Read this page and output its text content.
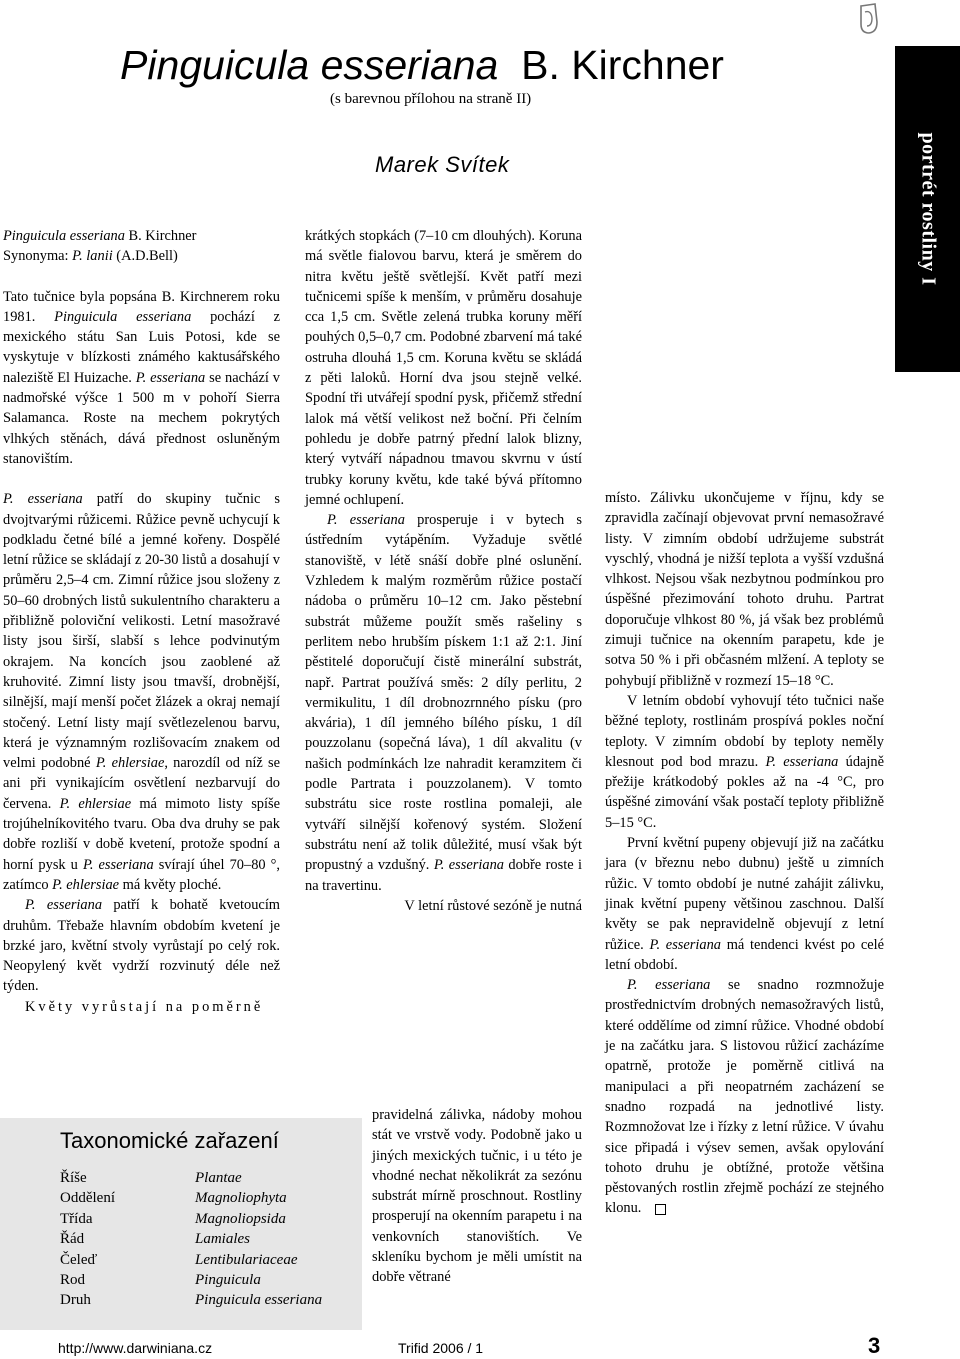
Pinguicula esseriana B. Kirchner
(s barevnou přílohou na straně II)
Marek Svítek	portrét rostliny I

Pinguicula esseriana B. Kirchner

Synonyma: P. lanii (A.D.Bell)

Tato tučnice byla popsána B. Kirchnerem roku 1981. Pinguicula esseriana pochází z mexického státu San Luis Potosi, kde se vyskytuje v blízkosti známého kaktusářského naleziště El Huizache. P. esseriana se nachází v nadmořské výšce 1 500 m v pohoří Sierra Salamanca. Roste na mechem pokrytých vlhkých stěnách, dává přednost osluněným stanovištím.

P. esseriana patří do skupiny tučnic s dvojtvarými růžicemi. Růžice pevně uchycují k podkladu četné bílé a jemné kořeny. Dospělé letní růžice se skládají z 20-30 listů a dosahují v průměru 2,5–4 cm. Zimní růžice jsou složeny z 50–60 drobných listů sukulentního charakteru a přibližně poloviční velikosti. Letní masožravé listy jsou širší, slabší s lehce podvinutým okrajem. Na koncích jsou zaoblené až kruhovité. Zimní listy jsou tmavší, drobnější, silnější, mají menší počet žlázek a okraj nemají stočený. Letní listy mají světlezelenou barvu, která je významným rozlišovacím znakem od velmi podobné P. ehlersiae, narozdíl od níž se ani při vynikajícím osvětlení nezbarvují do červena. P. ehlersiae má mimoto listy spíše trojúhelníkovitého tvaru. Oba dva druhy se pak dobře rozliší v době kvetení, protože spodní a horní pysk u P. esseriana svírají úhel 70–80 °, zatímco P. ehlersiae má květy ploché.

P. esseriana patří k bohatě kvetoucím druhům. Třebaže hlavním obdobím kvetení je brzké jaro, květní stvoly vyrůstají po celý rok. Neopylený květ vydrží rozvinutý déle než týden.

Květy vyrůstají na poměrně

krátkých stopkách (7–10 cm dlouhých). Koruna má světle fialovou barvu, která je směrem do nitra květu ještě světlejší. Květ patří mezi tučnicemi spíše k menším, v průměru dosahuje cca 1,5 cm. Světle zelená trubka koruny měří pouhých 0,5–0,7 cm. Podobné zbarvení má také ostruha dlouhá 1,5 cm. Koruna květu se skládá z pěti laloků. Horní dva jsou stejně velké. Spodní tři utvářejí spodní pysk, přičemž střední lalok má větší velikost než boční. Při čelním pohledu je dobře patrný přední lalok blizny, který vytváří nápadnou tmavou skvrnu v ústí trubky koruny květu, kde také bývá přítomno jemné ochlupení.

P. esseriana prosperuje i v bytech s ústředním vytápěním. Vyžaduje světlé stanoviště, v létě snáší dobře plné oslunění. Vzhledem k malým rozměrům růžice postačí nádoba o průměru 10–12 cm. Jako pěstební substrát můžeme použít směs rašeliny s perlitem nebo hrubším pískem 1:1 až 2:1. Jiní pěstitelé doporučují čistě minerální substrát, např. Partrat používá směs: 2 díly perlitu, 2 vermikulitu, 1 díl drobnozrnného písku (pro akvária), 1 díl jemného bílého písku, 1 díl pouzzolanu (sopečná láva), 1 díl akvalitu (v našich podmínkách lze nahradit keramzitem či podle Partrata i pouzzolanem). V tomto substrátu sice roste rostlina pomaleji, ale vytváří silnější kořenový systém. Složení substrátu není až tolik důležité, musí však být propustný a vzdušný. P. esseriana dobře roste i na travertinu.

V letní růstové sezóně je nutná

pravidelná zálivka, nádoby mohou stát ve vrstvě vody. Podobně jako u jiných mexických tučnic, i u této je vhodné nechat několikrát za sezónu substrát mírně proschnout. Rostliny prosperují na okenním parapetu i na venkovních stanovištích. Ve skleníku bychom je měli umístit na dobře větrané

místo. Zálivku ukončujeme v říjnu, kdy se zpravidla začínají objevovat první nemasožravé listy. V zimním období udržujeme substrát vyschlý, vhodná je nižší teplota a vyšší vzdušná vlhkost. Nejsou však nezbytnou podmínkou pro úspěšné přezimování tohoto druhu. Partrat doporučuje vlhkost 80 %, já však bez problémů zimuji tučnice na okenním parapetu, kde je sotva 50 % i při občasném mlžení. A teploty se pohybují přibližně v rozmezí 15–18 °C.

V letním období vyhovují této tučnici naše běžné teploty, rostlinám prospívá pokles noční teploty. V zimním období by teploty neměly klesnout pod bod mrazu. P. esseriana údajně přežije krátkodobý pokles až na -4 °C, pro úspěšné zimování však postačí teploty přibližně 5–15 °C.

První květní pupeny objevují již na začátku jara (v březnu nebo dubnu) ještě u zimních růžic. V tomto období je nutné zahájit zálivku, jinak květní pupeny většinou zaschnou. Další květy se pak nepravidelně objevují z letní růžice. P. esseriana má tendenci kvést po celé letní období.

P. esseriana se snadno rozmnožuje prostřednictvím drobných nemasožravých listů, které oddělíme od zimní růžice. Vhodné období je na začátku jara. S listovou růžicí zacházíme opatrně, protože je poměrně citlivá na manipulaci a při neopatrném zacházení se snadno rozpadá na jednotlivé listy. Rozmnožovat lze i řízky z letní růžice. V úvahu sice připadá i výsev semen, avšak opylování tohoto druhu je obtížné, protože většina pěstovaných rostlin zřejmě pochází ze stejného klonu.

Taxonomické zařazení
Říše	Plantae
Oddělení	Magnoliophyta
Třída	Magnoliopsida
Řád	Lamiales
Čeleď	Lentibulariaceae
Rod	Pinguicula
Druh	Pinguicula esseriana
http://www.darwiniana.cz	Trifid 2006 / 1	3
